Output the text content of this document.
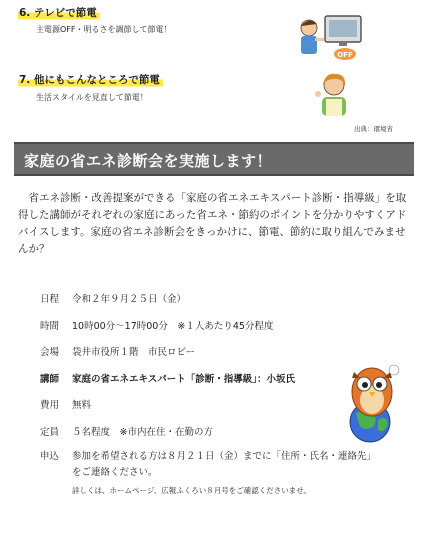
6. テレビで節電
主電源OFF・明るさを調節して節電！
7. 他にもこんなところで節電
生活スタイルを見直して節電！
OFF
出典：環境省
家庭の省エネ診断会を実施します！

省エネ診断・改善提案ができる「家庭の省エネエキスパート診断・指導級」を取得した講師がそれぞれの家庭にあった省エネ・節約のポイントを分かりやすくアドバイスします。家庭の省エネ診断会をきっかけに、節電、節約に取り組んでみませんか？

日程 令和２年９月２５日（金）
時間 10時00分～17時00分　※１人あたり45分程度
会場 袋井市役所１階　市民ロビー
講師 家庭の省エネエキスパート「診断・指導級」：小坂氏
費用 無料
定員 ５名程度　※市内在住・在勤の方
申込 参加を希望される方は８月２１日（金）までに「住所・氏名・連絡先」
をご連絡ください。
詳しくは、ホームページ、広報ふくろい８月号をご確認くださいませ。
